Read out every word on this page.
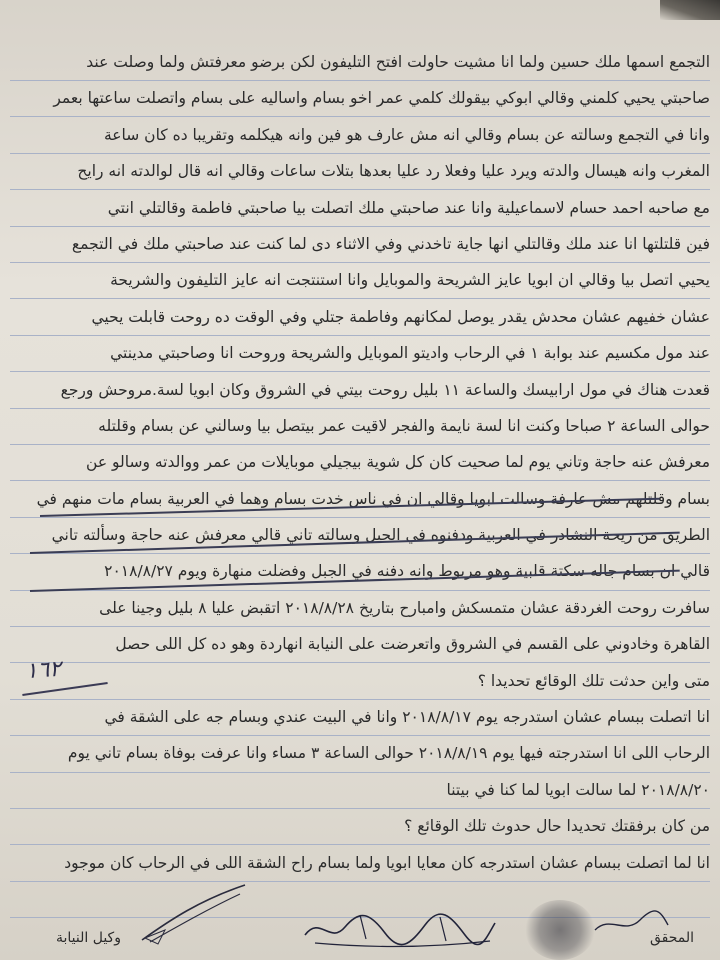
التجمع اسمها ملك حسين ولما انا مشيت حاولت افتح التليفون لكن برضو معرفتش ولما وصلت عند
صاحبتي يحيي كلمني وقالي ابوكي بيقولك كلمي عمر اخو بسام واساليه على بسام واتصلت ساعتها بعمر
وانا في التجمع وسالته عن بسام وقالي انه مش عارف هو فين وانه هيكلمه وتقريبا ده كان ساعة
المغرب وانه هيسال والدته ويرد عليا وفعلا رد عليا بعدها بتلات ساعات وقالي انه قال لوالدته انه رايح
مع صاحبه احمد حسام لاسماعيلية وانا عند صاحبتي ملك اتصلت بيا صاحبتي فاطمة وقالتلي انتي
فين قلتلتها انا عند ملك وقالتلي انها جاية تاخدني وفي الاثناء دى لما كنت عند صاحبتي ملك في التجمع
يحيي اتصل بيا وقالي ان ابويا عايز الشريحة والموبايل وانا استنتجت انه عايز التليفون والشريحة
عشان خفيهم عشان محدش يقدر يوصل لمكانهم وفاطمة جتلي وفي الوقت ده روحت قابلت يحيي
عند مول مكسيم عند بوابة ١ في الرحاب واديتو الموبايل والشريحة وروحت انا وصاحبتي مدينتي
قعدت هناك في مول ارابيسك والساعة ١١ بليل روحت بيتي في الشروق وكان ابويا لسة.مروحش ورجع
حوالى الساعة ٢ صباحا وكنت انا لسة نايمة والفجر لاقيت عمر بيتصل بيا وسالني عن بسام وقلتله
معرفش عنه حاجة وتاني يوم لما صحيت كان كل شوية بيجيلي موبايلات من عمر ووالدته وسالو عن
بسام وقلتلهم مش عارفة وسالت ابويا وقالي ان في ناس خدت بسام وهما في العربية بسام مات منهم في
الطريق من ريحة النشادر في العربية ودفنوه في الجبل وسالته تاني قالي معرفش عنه حاجة وسألته تاني
قالي ان بسام جاله سكتة قلبية وهو مربوط وانه دفنه في الجبل وفضلت منهارة ويوم ٢٠١٨/٨/٢٧
سافرت روحت الغردقة عشان متمسكش وامبارح بتاريخ ٢٠١٨/٨/٢٨ اتقبض عليا ٨ بليل وجينا على
القاهرة وخادوني على القسم في الشروق واتعرضت على النيابة انهاردة وهو ده كل اللى حصل
متى واين حدثت تلك الوقائع تحديدا ؟
انا اتصلت ببسام عشان استدرجه يوم ٢٠١٨/٨/١٧ وانا في البيت عندي وبسام جه على الشقة في
الرحاب اللى انا استدرجته فيها يوم ٢٠١٨/٨/١٩ حوالى الساعة ٣ مساء وانا عرفت بوفاة بسام تاني يوم
٢٠١٨/٨/٢٠ لما سالت ابويا لما كنا في بيتنا
من كان برفقتك تحديدا حال حدوث تلك الوقائع ؟
انا لما اتصلت ببسام عشان استدرجه كان معايا ابويا ولما بسام راح الشقة اللى في الرحاب كان موجود
١٦٢
وكيل النيابة	المحقق
